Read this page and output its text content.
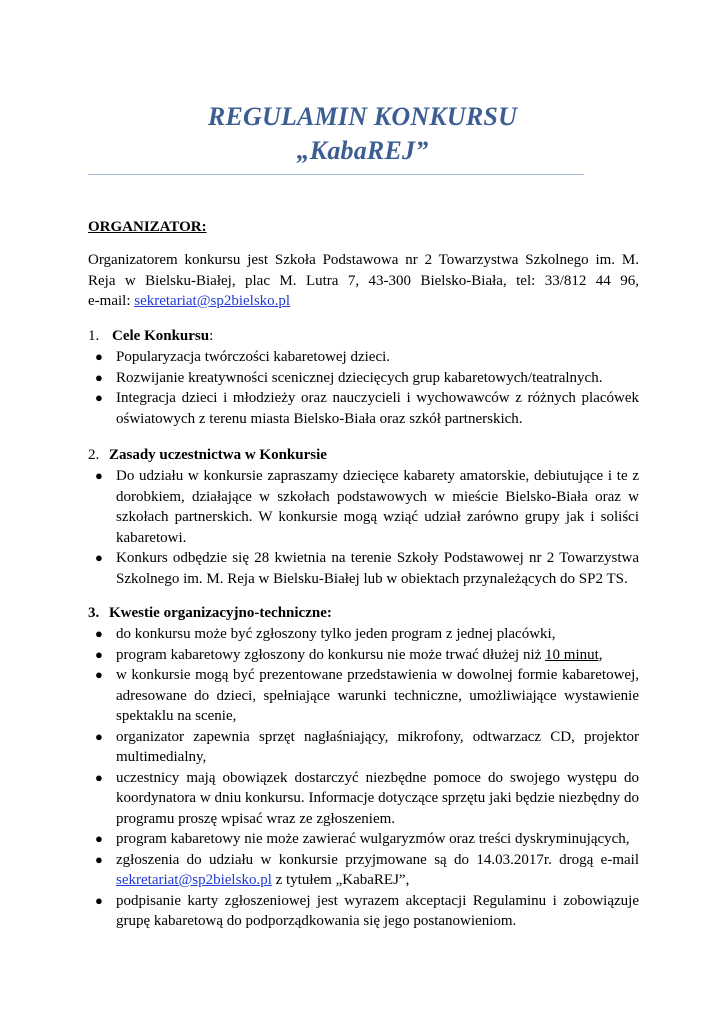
REGULAMIN KONKURSU
„KabaREJ”
ORGANIZATOR:
Organizatorem konkursu jest Szkoła Podstawowa nr 2 Towarzystwa Szkolnego im. M. Reja w Bielsku-Białej, plac M. Lutra 7, 43-300 Bielsko-Biała, tel: 33/812 44 96,
e-mail: sekretariat@sp2bielsko.pl
1. Cele Konkursu:
● Popularyzacja twórczości kabaretowej dzieci.
● Rozwijanie kreatywności scenicznej dziecięcych grup kabaretowych/teatralnych.
● Integracja dzieci i młodzieży oraz nauczycieli i wychowawców z różnych placówek oświatowych z terenu miasta Bielsko-Biała oraz szkół partnerskich.
2. Zasady uczestnictwa w Konkursie
● Do udziału w konkursie zapraszamy dziecięce kabarety amatorskie, debiutujące i te z dorobkiem, działające w szkołach podstawowych w mieście Bielsko-Biała oraz w szkołach partnerskich. W konkursie mogą wziąć udział zarówno grupy jak i soliści kabaretowi.
● Konkurs odbędzie się 28 kwietnia na terenie Szkoły Podstawowej nr 2 Towarzystwa Szkolnego im. M. Reja w Bielsku-Białej lub w obiektach przynależących do SP2 TS.
3. Kwestie organizacyjno-techniczne:
● do konkursu może być zgłoszony tylko jeden program z jednej placówki,
● program kabaretowy zgłoszony do konkursu nie może trwać dłużej niż 10 minut,
● w konkursie mogą być prezentowane przedstawienia w dowolnej formie kabaretowej, adresowane do dzieci, spełniające warunki techniczne, umożliwiające wystawienie spektaklu na scenie,
● organizator zapewnia sprzęt nagłaśniający, mikrofony, odtwarzacz CD, projektor multimedialny,
● uczestnicy mają obowiązek dostarczyć niezbędne pomoce do swojego występu do koordynatora w dniu konkursu. Informacje dotyczące sprzętu jaki będzie niezbędny do programu proszę wpisać wraz ze zgłoszeniem.
● program kabaretowy nie może zawierać wulgaryzmów oraz treści dyskryminujących,
● zgłoszenia do udziału w konkursie przyjmowane są do 14.03.2017r. drogą e-mail sekretariat@sp2bielsko.pl z tytułem „KabaREJ”,
● podpisanie karty zgłoszeniowej jest wyrazem akceptacji Regulaminu i zobowiązuje grupę kabaretową do podporządkowania się jego postanowieniom.
